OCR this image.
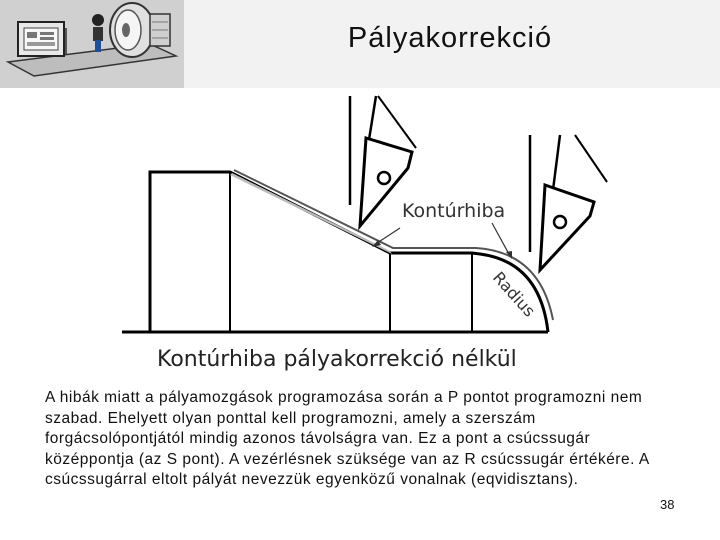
Pályakorrekció
Kontúrhiba
Radius
Kontúrhiba pályakorrekció nélkül
A hibák miatt a pályamozgások programozása során a P pontot programozni nem szabad. Ehelyett olyan ponttal kell programozni, amely a szerszám forgácsolópontjától mindig azonos távolságra van. Ez a pont a csúcssugár középpontja (az S pont). A vezérlésnek szüksége van az R csúcssugár értékére. A csúcssugárral eltolt pályát nevezzük egyenközű vonalnak (eqvidisztans).
38
